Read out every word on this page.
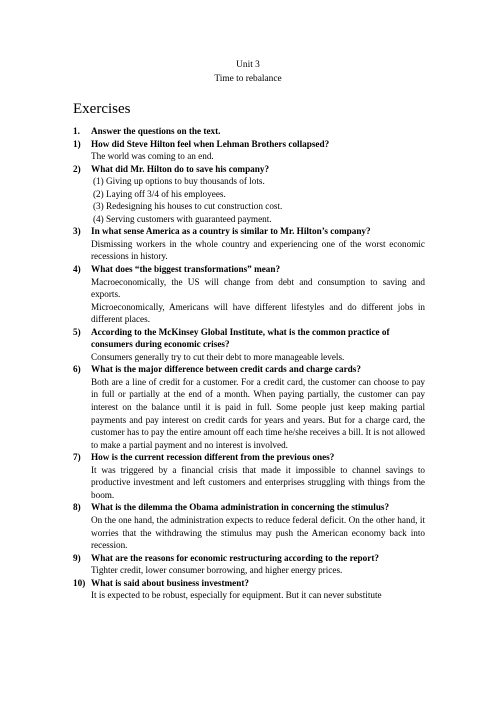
Unit 3
Time to rebalance
Exercises
1.	Answer the questions on the text.
1)	How did Steve Hilton feel when Lehman Brothers collapsed?
The world was coming to an end.
2)	What did Mr. Hilton do to save his company?
(1) Giving up options to buy thousands of lots.
(2) Laying off 3/4 of his employees.
(3) Redesigning his houses to cut construction cost.
(4) Serving customers with guaranteed payment.
3)	In what sense America as a country is similar to Mr. Hilton’s company?
Dismissing workers in the whole country and experiencing one of the worst economic recessions in history.
4)	What does “the biggest transformations” mean?
Macroeconomically, the US will change from debt and consumption to saving and exports.
Microeconomically, Americans will have different lifestyles and do different jobs in different places.
5)	According to the McKinsey Global Institute, what is the common practice of consumers during economic crises?
Consumers generally try to cut their debt to more manageable levels.
6)	What is the major difference between credit cards and charge cards?
Both are a line of credit for a customer. For a credit card, the customer can choose to pay in full or partially at the end of a month. When paying partially, the customer can pay interest on the balance until it is paid in full. Some people just keep making partial payments and pay interest on credit cards for years and years. But for a charge card, the customer has to pay the entire amount off each time he/she receives a bill. It is not allowed to make a partial payment and no interest is involved.
7)	How is the current recession different from the previous ones?
It was triggered by a financial crisis that made it impossible to channel savings to productive investment and left customers and enterprises struggling with things from the boom.
8)	What is the dilemma the Obama administration in concerning the stimulus?
On the one hand, the administration expects to reduce federal deficit. On the other hand, it worries that the withdrawing the stimulus may push the American economy back into recession.
9)	What are the reasons for economic restructuring according to the report?
Tighter credit, lower consumer borrowing, and higher energy prices.
10) What is said about business investment?
It is expected to be robust, especially for equipment. But it can never substitute
